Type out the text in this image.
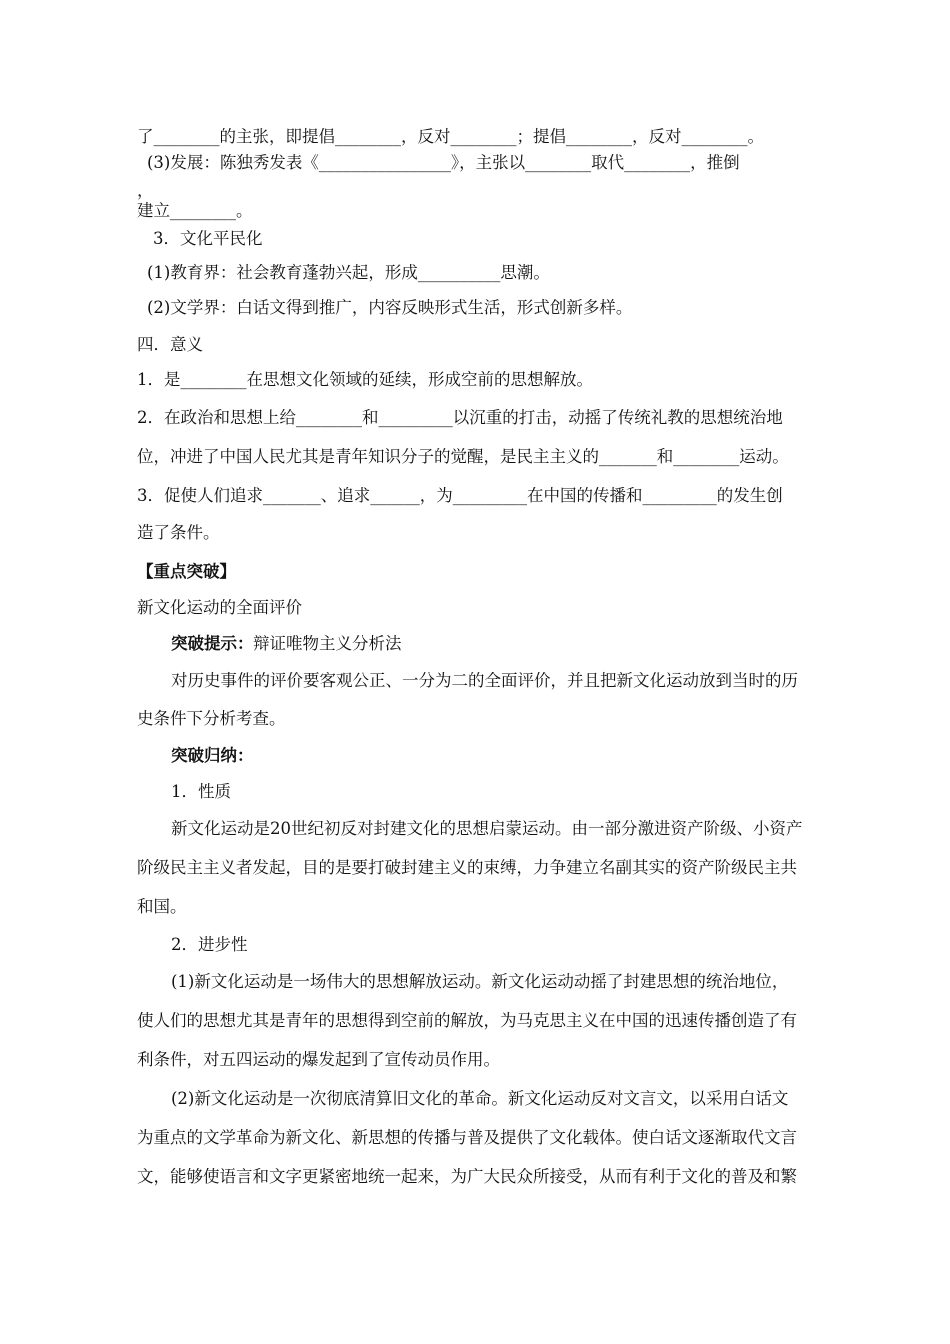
了________的主张，即提倡________，反对________；提倡________，反对________。
(3)发展：陈独秀发表《________________》，主张以________取代________，推倒
，
建立________。
3．文化平民化
(1)教育界：社会教育蓬勃兴起，形成__________思潮。
(2)文学界：白话文得到推广，内容反映形式生活，形式创新多样。
四．意义
1．是________在思想文化领域的延续，形成空前的思想解放。
2．在政治和思想上给________和_________以沉重的打击，动摇了传统礼教的思想统治地
位，冲进了中国人民尤其是青年知识分子的觉醒，是民主主义的_______和________运动。
3．促使人们追求_______、追求______，为_________在中国的传播和_________的发生创
造了条件。
【重点突破】
新文化运动的全面评价
突破提示： 辩证唯物主义分析法
对历史事件的评价要客观公正、一分为二的全面评价，并且把新文化运动放到当时的历
史条件下分析考查。
突破归纳：
1．性质
新文化运动是20世纪初反对封建文化的思想启蒙运动。由一部分激进资产阶级、小资产
阶级民主主义者发起，目的是要打破封建主义的束缚，力争建立名副其实的资产阶级民主共
和国。
2．进步性
(1)新文化运动是一场伟大的思想解放运动。新文化运动动摇了封建思想的统治地位，
使人们的思想尤其是青年的思想得到空前的解放，为马克思主义在中国的迅速传播创造了有
利条件，对五四运动的爆发起到了宣传动员作用。
(2)新文化运动是一次彻底清算旧文化的革命。新文化运动反对文言文，以采用白话文
为重点的文学革命为新文化、新思想的传播与普及提供了文化载体。使白话文逐渐取代文言
文，能够使语言和文字更紧密地统一起来，为广大民众所接受，从而有利于文化的普及和繁
